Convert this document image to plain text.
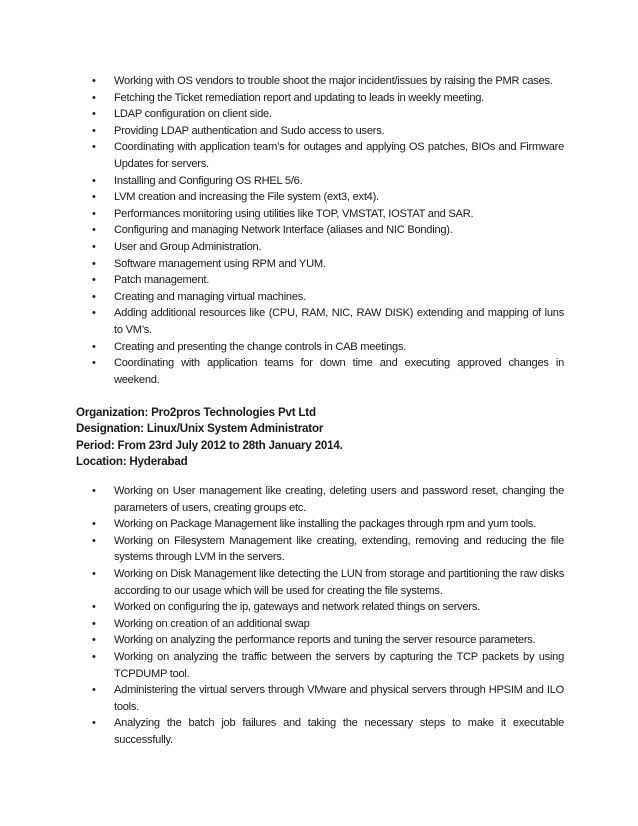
•	Working with OS vendors to trouble shoot the major incident/issues by raising the PMR cases.
•	Fetching the Ticket remediation report and updating to leads in weekly meeting.
•	LDAP configuration on client side.
•	Providing LDAP authentication and Sudo access to users.
•	Coordinating with application team’s for outages and applying OS patches, BIOs and Firmware Updates for servers.
•	Installing and Configuring OS RHEL 5/6.
•	LVM creation and increasing the File system (ext3, ext4).
•	Performances monitoring using utilities like TOP, VMSTAT, IOSTAT and SAR.
•	Configuring and managing Network Interface (aliases and NIC Bonding).
•	User and Group Administration.
•	Software management using RPM and YUM.
•	Patch management.
•	Creating and managing virtual machines.
•	Adding additional resources like (CPU, RAM, NIC, RAW DISK) extending and mapping of luns to VM’s.
•	Creating and presenting the change controls in CAB meetings.
•	Coordinating with application teams for down time and executing approved changes in weekend.
Organization: Pro2pros Technologies Pvt Ltd
Designation: Linux/Unix System Administrator
Period: From 23rd July 2012 to 28th January 2014.
Location: Hyderabad
•	Working on User management like creating, deleting users and password reset, changing the parameters of users, creating groups etc.
•	Working on Package Management like installing the packages through rpm and yum tools.
•	Working on Filesystem Management like creating, extending, removing and reducing the file systems through LVM in the servers.
•	Working on Disk Management like detecting the LUN from storage and partitioning the raw disks according to our usage which will be used for creating the file systems.
•	Worked on configuring the ip, gateways and network related things on servers.
•	Working on creation of an additional swap
•	Working on analyzing the performance reports and tuning the server resource parameters.
•	Working on analyzing the traffic between the servers by capturing the TCP packets by using TCPDUMP tool.
•	Administering the virtual servers through VMware and physical servers through HPSIM and ILO tools.
•	Analyzing the batch job failures and taking the necessary steps to make it executable successfully.
